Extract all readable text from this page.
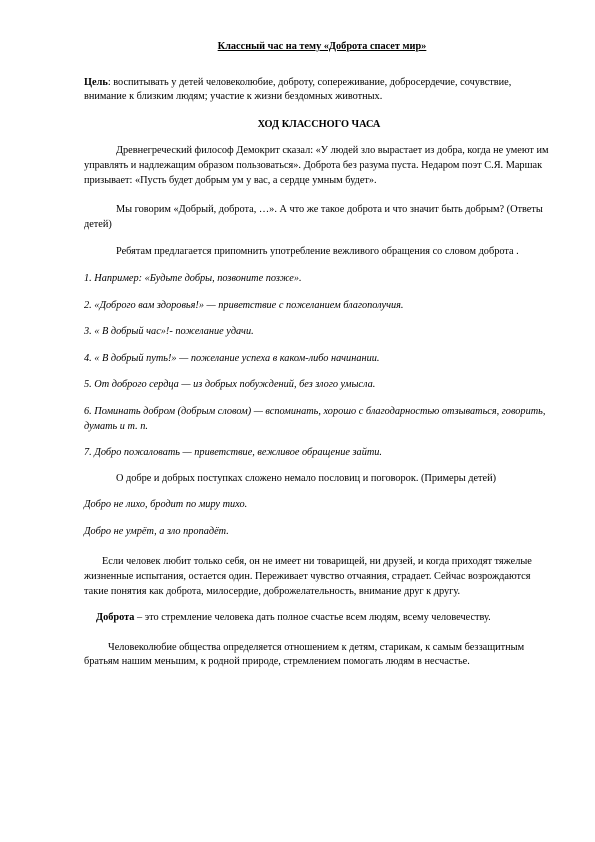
Классный час на тему «Доброта спасет мир»

Цель: воспитывать у детей человеколюбие, доброту, сопереживание, добросердечие, сочувствие, внимание к близким людям; участие к жизни бездомных животных.

ХОД КЛАССНОГО ЧАСА

Древнегреческий философ Демокрит сказал: «У людей зло вырастает из добра, когда не умеют им управлять и надлежащим образом пользоваться». Доброта без разума пуста. Недаром поэт С.Я. Маршак призывает: «Пусть будет добрым ум у вас, а сердце умным будет».

Мы говорим «Добрый, доброта, …». А что же такое доброта и что значит быть добрым? (Ответы детей)

Ребятам предлагается припомнить употребление вежливого обращения со словом доброта .

1. Например: «Будьте добры, позвоните позже».

2. «Доброго вам здоровья!» — приветствие с пожеланием благополучия.

3. « В добрый час»!- пожелание удачи.

4. « В добрый путь!» — пожелание успеха в каком-либо начинании.

5. От доброго сердца — из добрых побуждений, без злого умысла.

6. Поминать добром (добрым словом) — вспоминать, хорошо с благодарностью отзываться, говорить, думать и т. п.

7. Добро пожаловать — приветствие, вежливое обращение зайти.

О добре и добрых поступках сложено немало пословиц и поговорок. (Примеры детей)

Добро не лихо, бродит по миру тихо.

Добро не умрёт, а зло пропадёт.

Если человек любит только себя, он не имеет ни товарищей, ни друзей, и когда приходят тяжелые жизненные испытания, остается один. Переживает чувство отчаяния, страдает. Сейчас возрождаются такие понятия как доброта, милосердие, доброжелательность, внимание друг к другу.

Доброта – это стремление человека дать полное счастье всем людям, всему человечеству.

Человеколюбие общества определяется отношением к детям, старикам, к самым беззащитным братьям нашим меньшим, к родной природе, стремлением помогать людям в несчастье.
